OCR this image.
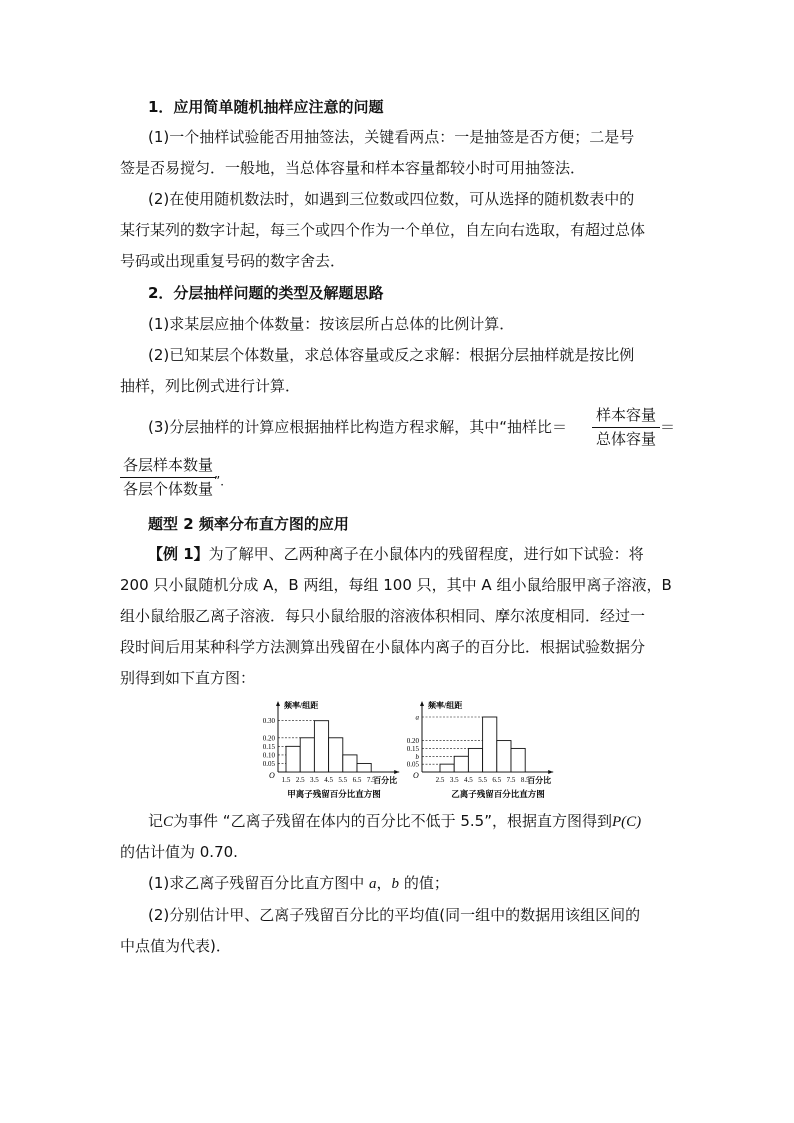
1．应用简单随机抽样应注意的问题
(1)一个抽样试验能否用抽签法，关键看两点：一是抽签是否方便；二是号
签是否易搅匀．一般地，当总体容量和样本容量都较小时可用抽签法．
(2)在使用随机数法时，如遇到三位数或四位数，可从选择的随机数表中的
某行某列的数字计起，每三个或四个作为一个单位，自左向右选取，有超过总体
号码或出现重复号码的数字舍去．
2．分层抽样问题的类型及解题思路
(1)求某层应抽个体数量：按该层所占总体的比例计算．
(2)已知某层个体数量，求总体容量或反之求解：根据分层抽样就是按比例
抽样，列比例式进行计算．
(3)分层抽样的计算应根据抽样比构造方程求解，其中“抽样比＝
样本容量
总体容量
＝
各层样本数量
各层个体数量 ”．
题型 2 频率分布直方图的应用
【例 1】为了解甲、乙两种离子在小鼠体内的残留程度，进行如下试验：将
200 只小鼠随机分成 A，B 两组，每组 100 只，其中 A 组小鼠给服甲离子溶液，B
组小鼠给服乙离子溶液．每只小鼠给服的溶液体积相同、摩尔浓度相同．经过一
段时间后用某种科学方法测算出残留在小鼠体内离子的百分比．根据试验数据分
别得到如下直方图：
频率/组距
百分比
O
0.30
0.20
0.15
0.10
0.05
1.5 2.5 3.5 4.5 5.5 6.5 7.5
甲离子残留百分比直方图
频率/组距
百分比
O
a
0.20
0.15
b
0.05
2.5 3.5 4.5 5.5 6.5 7.5 8.5
乙离子残留百分比直方图
记C为事件 “乙离子残留在体内的百分比不低于 5.5”，根据直方图得到P(C)
的估计值为 0.70.
(1)求乙离子残留百分比直方图中 a，b 的值；
(2)分别估计甲、乙离子残留百分比的平均值(同一组中的数据用该组区间的
中点值为代表)．
